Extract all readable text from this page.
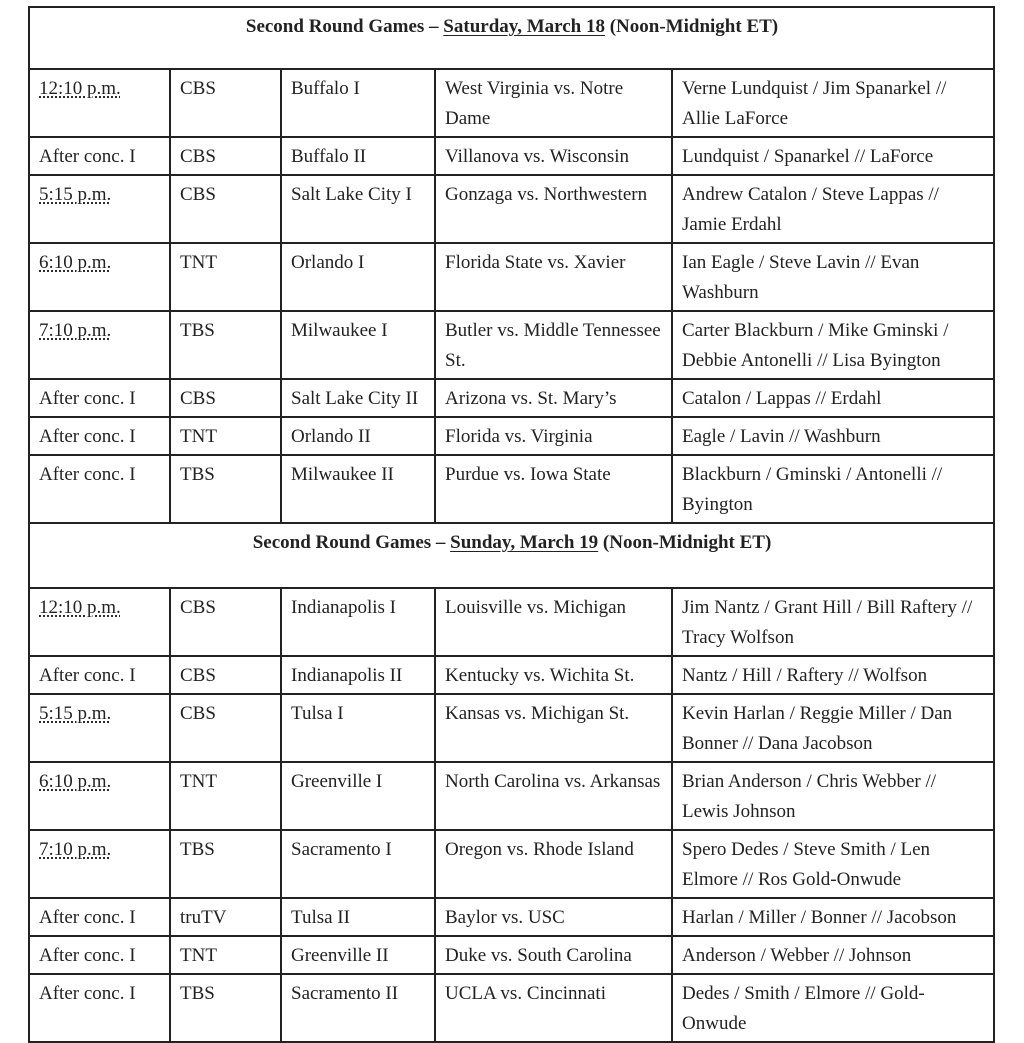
Second Round Games – Saturday, March 18 (Noon-Midnight ET)				
12:10 p.m.	CBS	Buffalo I	West Virginia vs. Notre Dame	Verne Lundquist / Jim Spanarkel // Allie LaForce
After conc. I	CBS	Buffalo II	Villanova vs. Wisconsin	Lundquist / Spanarkel // LaForce
5:15 p.m.	CBS	Salt Lake City I	Gonzaga vs. Northwestern	Andrew Catalon / Steve Lappas // Jamie Erdahl
6:10 p.m.	TNT	Orlando I	Florida State vs. Xavier	Ian Eagle / Steve Lavin // Evan Washburn
7:10 p.m.	TBS	Milwaukee I	Butler vs. Middle Tennessee St.	Carter Blackburn / Mike Gminski / Debbie Antonelli // Lisa Byington
After conc. I	CBS	Salt Lake City II	Arizona vs. St. Mary’s	Catalon / Lappas // Erdahl
After conc. I	TNT	Orlando II	Florida vs. Virginia	Eagle / Lavin // Washburn
After conc. I	TBS	Milwaukee II	Purdue vs. Iowa State	Blackburn / Gminski / Antonelli // Byington
Second Round Games – Sunday, March 19 (Noon-Midnight ET)				
12:10 p.m.	CBS	Indianapolis I	Louisville vs. Michigan	Jim Nantz / Grant Hill / Bill Raftery // Tracy Wolfson
After conc. I	CBS	Indianapolis II	Kentucky vs. Wichita St.	Nantz / Hill / Raftery // Wolfson
5:15 p.m.	CBS	Tulsa I	Kansas vs. Michigan St.	Kevin Harlan / Reggie Miller / Dan Bonner // Dana Jacobson
6:10 p.m.	TNT	Greenville I	North Carolina vs. Arkansas	Brian Anderson / Chris Webber // Lewis Johnson
7:10 p.m.	TBS	Sacramento I	Oregon vs. Rhode Island	Spero Dedes / Steve Smith / Len Elmore // Ros Gold-Onwude
After conc. I	truTV	Tulsa II	Baylor vs. USC	Harlan / Miller / Bonner // Jacobson
After conc. I	TNT	Greenville II	Duke vs. South Carolina	Anderson / Webber // Johnson
After conc. I	TBS	Sacramento II	UCLA vs. Cincinnati	Dedes / Smith / Elmore // Gold-Onwude
